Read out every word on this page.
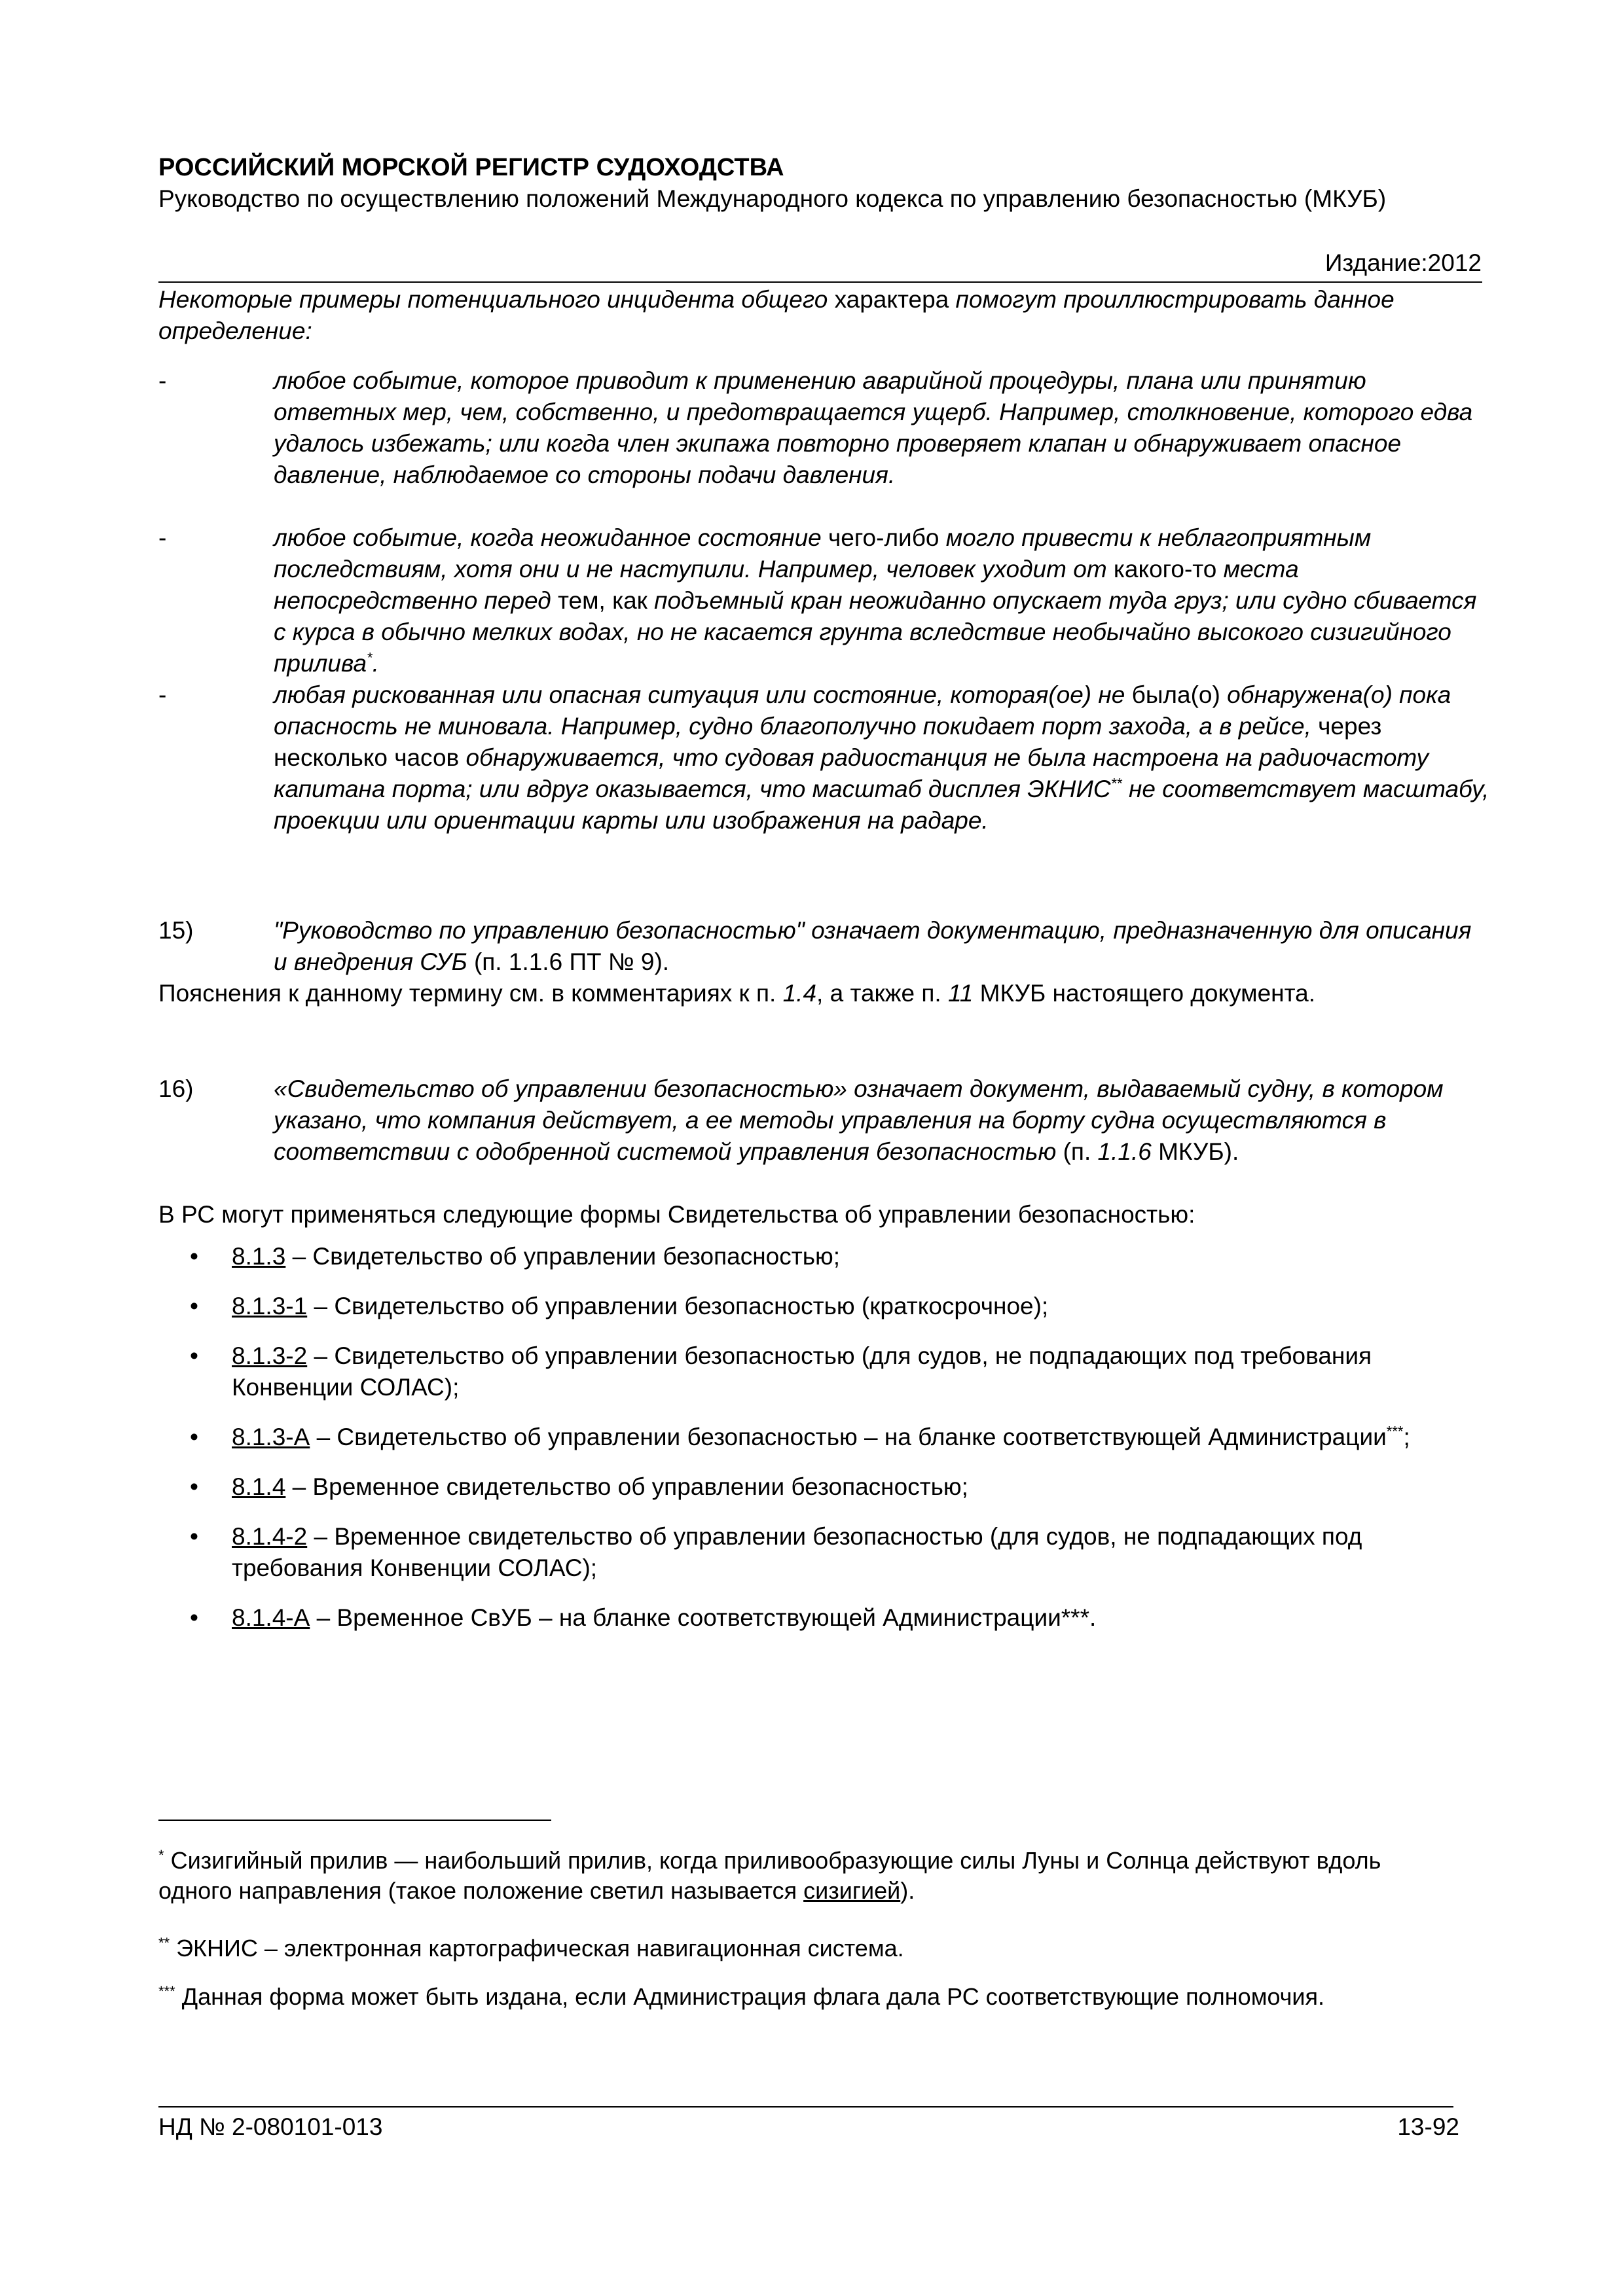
РОССИЙСКИЙ МОРСКОЙ РЕГИСТР СУДОХОДСТВА
Руководство по осуществлению положений Международного кодекса по управлению безопасностью (МКУБ)
Издание:2012
Некоторые примеры потенциального инцидента общего характера помогут проиллюстрировать данное определение:
-	любое событие, которое приводит к применению аварийной процедуры, плана или принятию ответных мер, чем, собственно, и предотвращается ущерб. Например, столкновение, которого едва удалось избежать; или когда член экипажа повторно проверяет клапан и обнаруживает опасное давление, наблюдаемое со стороны подачи давления.
-	любое событие, когда неожиданное состояние чего-либо могло привести к неблагоприятным последствиям, хотя они и не наступили. Например, человек уходит от какого-то места непосредственно перед тем, как подъемный кран неожиданно опускает туда груз; или судно сбивается с курса в обычно мелких водах, но не касается грунта вследствие необычайно высокого сизигийного прилива*.
-	любая рискованная или опасная ситуация или состояние, которая(ое) не была(о) обнаружена(о) пока опасность не миновала. Например, судно благополучно покидает порт захода, а в рейсе, через несколько часов обнаруживается, что судовая радиостанция не была настроена на радиочастоту капитана порта; или вдруг оказывается, что масштаб дисплея ЭКНИС** не соответствует масштабу, проекции или ориентации карты или изображения на радаре.
15)	"Руководство по управлению безопасностью" означает документацию, предназначенную для описания и внедрения СУБ (п. 1.1.6 ПТ № 9).
Пояснения к данному термину см. в комментариях к п. 1.4, а также п. 11 МКУБ настоящего документа.
16)	«Свидетельство об управлении безопасностью» означает документ, выдаваемый судну, в котором указано, что компания действует, а ее методы управления на борту судна осуществляются в соответствии с одобренной системой управления безопасностью (п. 1.1.6 МКУБ).
В РС могут применяться следующие формы Свидетельства об управлении безопасностью:
• 8.1.3 – Свидетельство об управлении безопасностью;
• 8.1.3-1 – Свидетельство об управлении безопасностью (краткосрочное);
• 8.1.3-2 – Свидетельство об управлении безопасностью (для судов, не подпадающих под требования Конвенции СОЛАС);
• 8.1.3-А – Свидетельство об управлении безопасностью – на бланке соответствующей Администрации***;
• 8.1.4 – Временное свидетельство об управлении безопасностью;
• 8.1.4-2 – Временное свидетельство об управлении безопасностью (для судов, не подпадающих под требования Конвенции СОЛАС);
• 8.1.4-А – Временное СвУБ – на бланке соответствующей Администрации***.
* Сизигийный прилив — наибольший прилив, когда приливообразующие силы Луны и Солнца действуют вдоль одного направления (такое положение светил называется сизигией).
** ЭКНИС – электронная картографическая навигационная система.
*** Данная форма может быть издана, если Администрация флага дала РС соответствующие полномочия.
НД № 2-080101-013	13-92
